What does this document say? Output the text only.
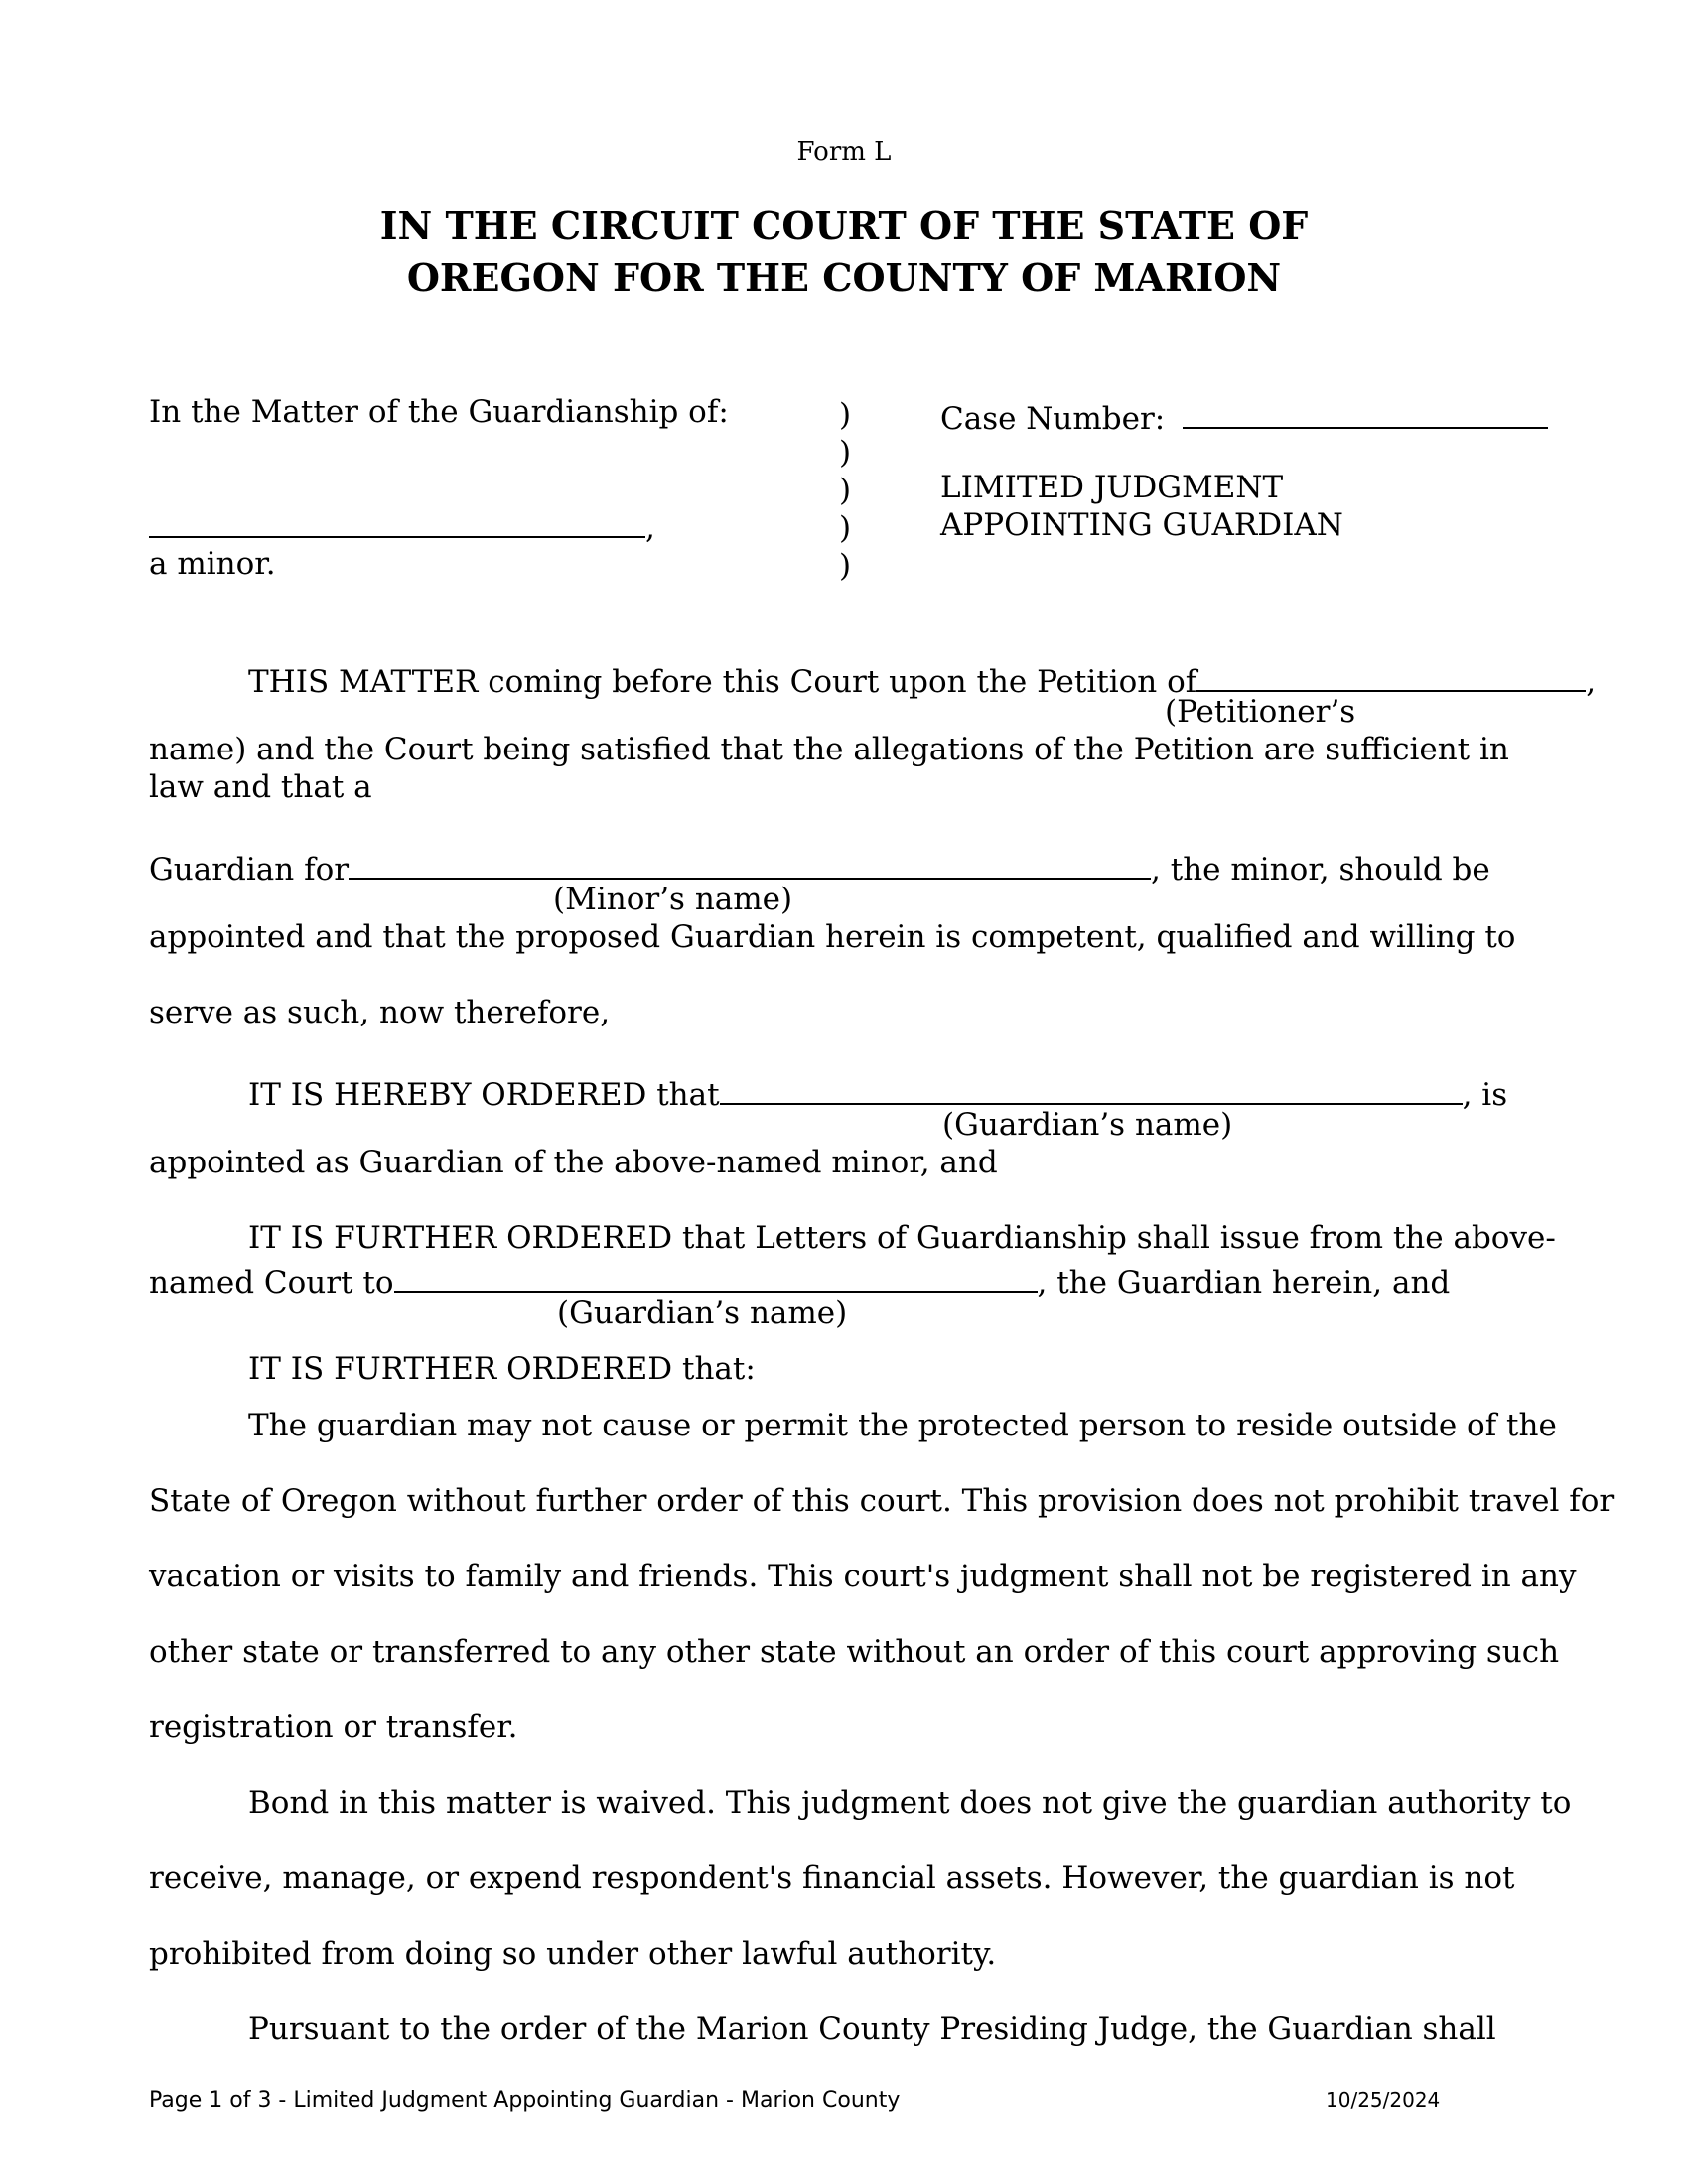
Form L
IN THE CIRCUIT COURT OF THE STATE OF
OREGON FOR THE COUNTY OF MARION
In the Matter of the Guardianship of:
,
a minor.
)
)
)
)
)
Case Number:
LIMITED JUDGMENT
APPOINTING GUARDIAN
THIS MATTER coming before this Court upon the Petition of	,
(Petitioner’s
name) and the Court being satisfied that the allegations of the Petition are sufficient in
law and that a
Guardian for	, the minor, should be
(Minor’s name)
appointed and that the proposed Guardian herein is competent, qualified and willing to
serve as such, now therefore,
IT IS HEREBY ORDERED that	, is
(Guardian’s name)
appointed as Guardian of the above-named minor, and
IT IS FURTHER ORDERED that Letters of Guardianship shall issue from the above-
named Court to	, the Guardian herein, and
(Guardian’s name)
IT IS FURTHER ORDERED that:
The guardian may not cause or permit the protected person to reside outside of the
State of Oregon without further order of this court. This provision does not prohibit travel for
vacation or visits to family and friends. This court's judgment shall not be registered in any
other state or transferred to any other state without an order of this court approving such
registration or transfer.
Bond in this matter is waived. This judgment does not give the guardian authority to
receive, manage, or expend respondent's financial assets. However, the guardian is not
prohibited from doing so under other lawful authority.
Pursuant to the order of the Marion County Presiding Judge, the Guardian shall
Page 1 of 3 - Limited Judgment Appointing Guardian - Marion County	10/25/2024
